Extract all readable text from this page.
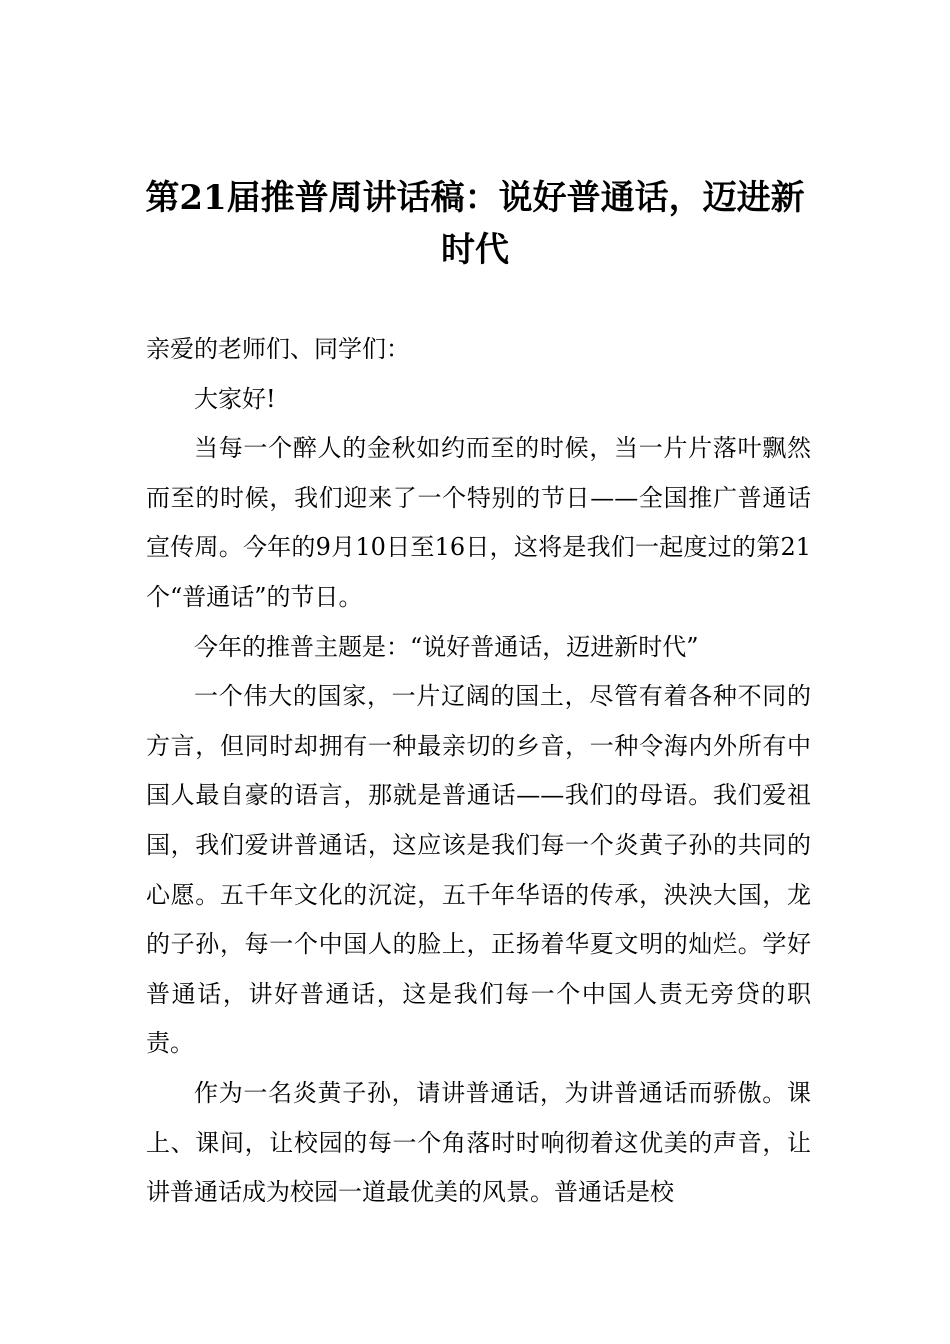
第21届推普周讲话稿：说好普通话，迈进新时代

亲爱的老师们、同学们：

大家好!

当每一个醉人的金秋如约而至的时候，当一片片落叶飘然而至的时候，我们迎来了一个特别的节日——全国推广普通话宣传周。今年的9月10日至16日，这将是我们一起度过的第21个“普通话”的节日。

今年的推普主题是：“说好普通话，迈进新时代”

一个伟大的国家，一片辽阔的国土，尽管有着各种不同的方言，但同时却拥有一种最亲切的乡音，一种令海内外所有中国人最自豪的语言，那就是普通话——我们的母语。我们爱祖国，我们爱讲普通话，这应该是我们每一个炎黄子孙的共同的心愿。五千年文化的沉淀，五千年华语的传承，泱泱大国，龙的子孙，每一个中国人的脸上，正扬着华夏文明的灿烂。学好普通话，讲好普通话，这是我们每一个中国人责无旁贷的职责。

作为一名炎黄子孙，请讲普通话，为讲普通话而骄傲。课上、课间，让校园的每一个角落时时响彻着这优美的声音，让讲普通话成为校园一道最优美的风景。普通话是校
